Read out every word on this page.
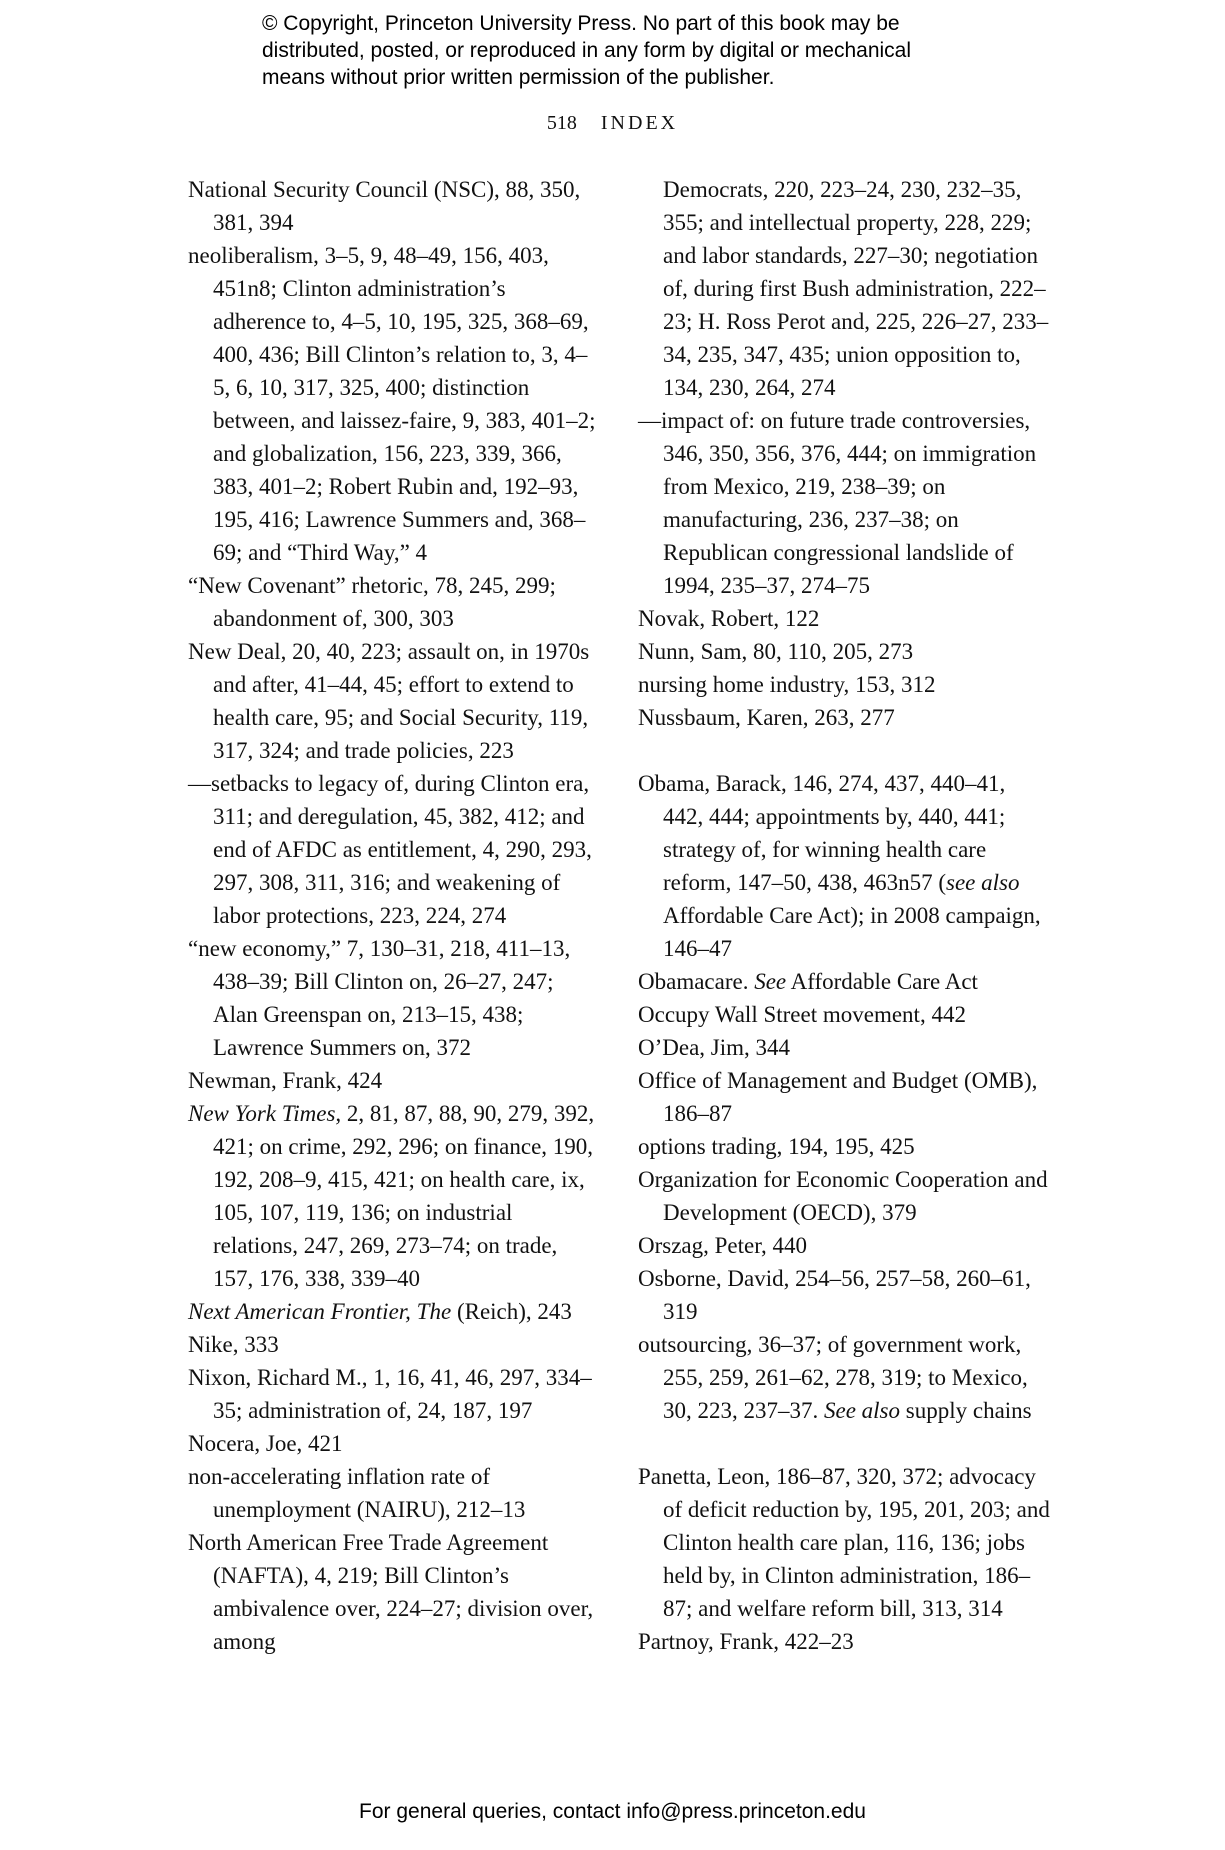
© Copyright, Princeton University Press. No part of this book may be
distributed, posted, or reproduced in any form by digital or mechanical
means without prior written permission of the publisher.
518 INDEX

National Security Council (NSC), 88, 350, 381, 394

neoliberalism, 3–5, 9, 48–49, 156, 403, 451n8; Clinton administration’s adherence to, 4–5, 10, 195, 325, 368–69, 400, 436; Bill Clinton’s relation to, 3, 4–5, 6, 10, 317, 325, 400; distinction between, and laissez-faire, 9, 383, 401–2; and globalization, 156, 223, 339, 366, 383, 401–2; Robert Rubin and, 192–93, 195, 416; Lawrence Summers and, 368–69; and “Third Way,” 4

“New Covenant” rhetoric, 78, 245, 299; abandonment of, 300, 303

New Deal, 20, 40, 223; assault on, in 1970s and after, 41–44, 45; effort to extend to health care, 95; and Social Security, 119, 317, 324; and trade policies, 223

—setbacks to legacy of, during Clinton era, 311; and deregulation, 45, 382, 412; and end of AFDC as entitlement, 4, 290, 293, 297, 308, 311, 316; and weakening of labor protections, 223, 224, 274

“new economy,” 7, 130–31, 218, 411–13, 438–39; Bill Clinton on, 26–27, 247; Alan Greenspan on, 213–15, 438; Lawrence Summers on, 372

Newman, Frank, 424

New York Times, 2, 81, 87, 88, 90, 279, 392, 421; on crime, 292, 296; on finance, 190, 192, 208–9, 415, 421; on health care, ix, 105, 107, 119, 136; on industrial relations, 247, 269, 273–74; on trade, 157, 176, 338, 339–40

Next American Frontier, The (Reich), 243

Nike, 333

Nixon, Richard M., 1, 16, 41, 46, 297, 334–35; administration of, 24, 187, 197

Nocera, Joe, 421

non-accelerating inflation rate of unemployment (NAIRU), 212–13

North American Free Trade Agreement (NAFTA), 4, 219; Bill Clinton’s ambivalence over, 224–27; division over, among

Democrats, 220, 223–24, 230, 232–35, 355; and intellectual property, 228, 229; and labor standards, 227–30; negotiation of, during first Bush administration, 222–23; H. Ross Perot and, 225, 226–27, 233–34, 235, 347, 435; union opposition to, 134, 230, 264, 274

—impact of: on future trade controversies, 346, 350, 356, 376, 444; on immigration from Mexico, 219, 238–39; on manufacturing, 236, 237–38; on Republican congressional landslide of 1994, 235–37, 274–75

Novak, Robert, 122

Nunn, Sam, 80, 110, 205, 273

nursing home industry, 153, 312

Nussbaum, Karen, 263, 277

Obama, Barack, 146, 274, 437, 440–41, 442, 444; appointments by, 440, 441; strategy of, for winning health care reform, 147–50, 438, 463n57 (see also Affordable Care Act); in 2008 campaign, 146–47

Obamacare. See Affordable Care Act

Occupy Wall Street movement, 442

O’Dea, Jim, 344

Office of Management and Budget (OMB), 186–87

options trading, 194, 195, 425

Organization for Economic Cooperation and Development (OECD), 379

Orszag, Peter, 440

Osborne, David, 254–56, 257–58, 260–61, 319

outsourcing, 36–37; of government work, 255, 259, 261–62, 278, 319; to Mexico, 30, 223, 237–37. See also supply chains

Panetta, Leon, 186–87, 320, 372; advocacy of deficit reduction by, 195, 201, 203; and Clinton health care plan, 116, 136; jobs held by, in Clinton administration, 186–87; and welfare reform bill, 313, 314

Partnoy, Frank, 422–23

For general queries, contact info@press.princeton.edu
